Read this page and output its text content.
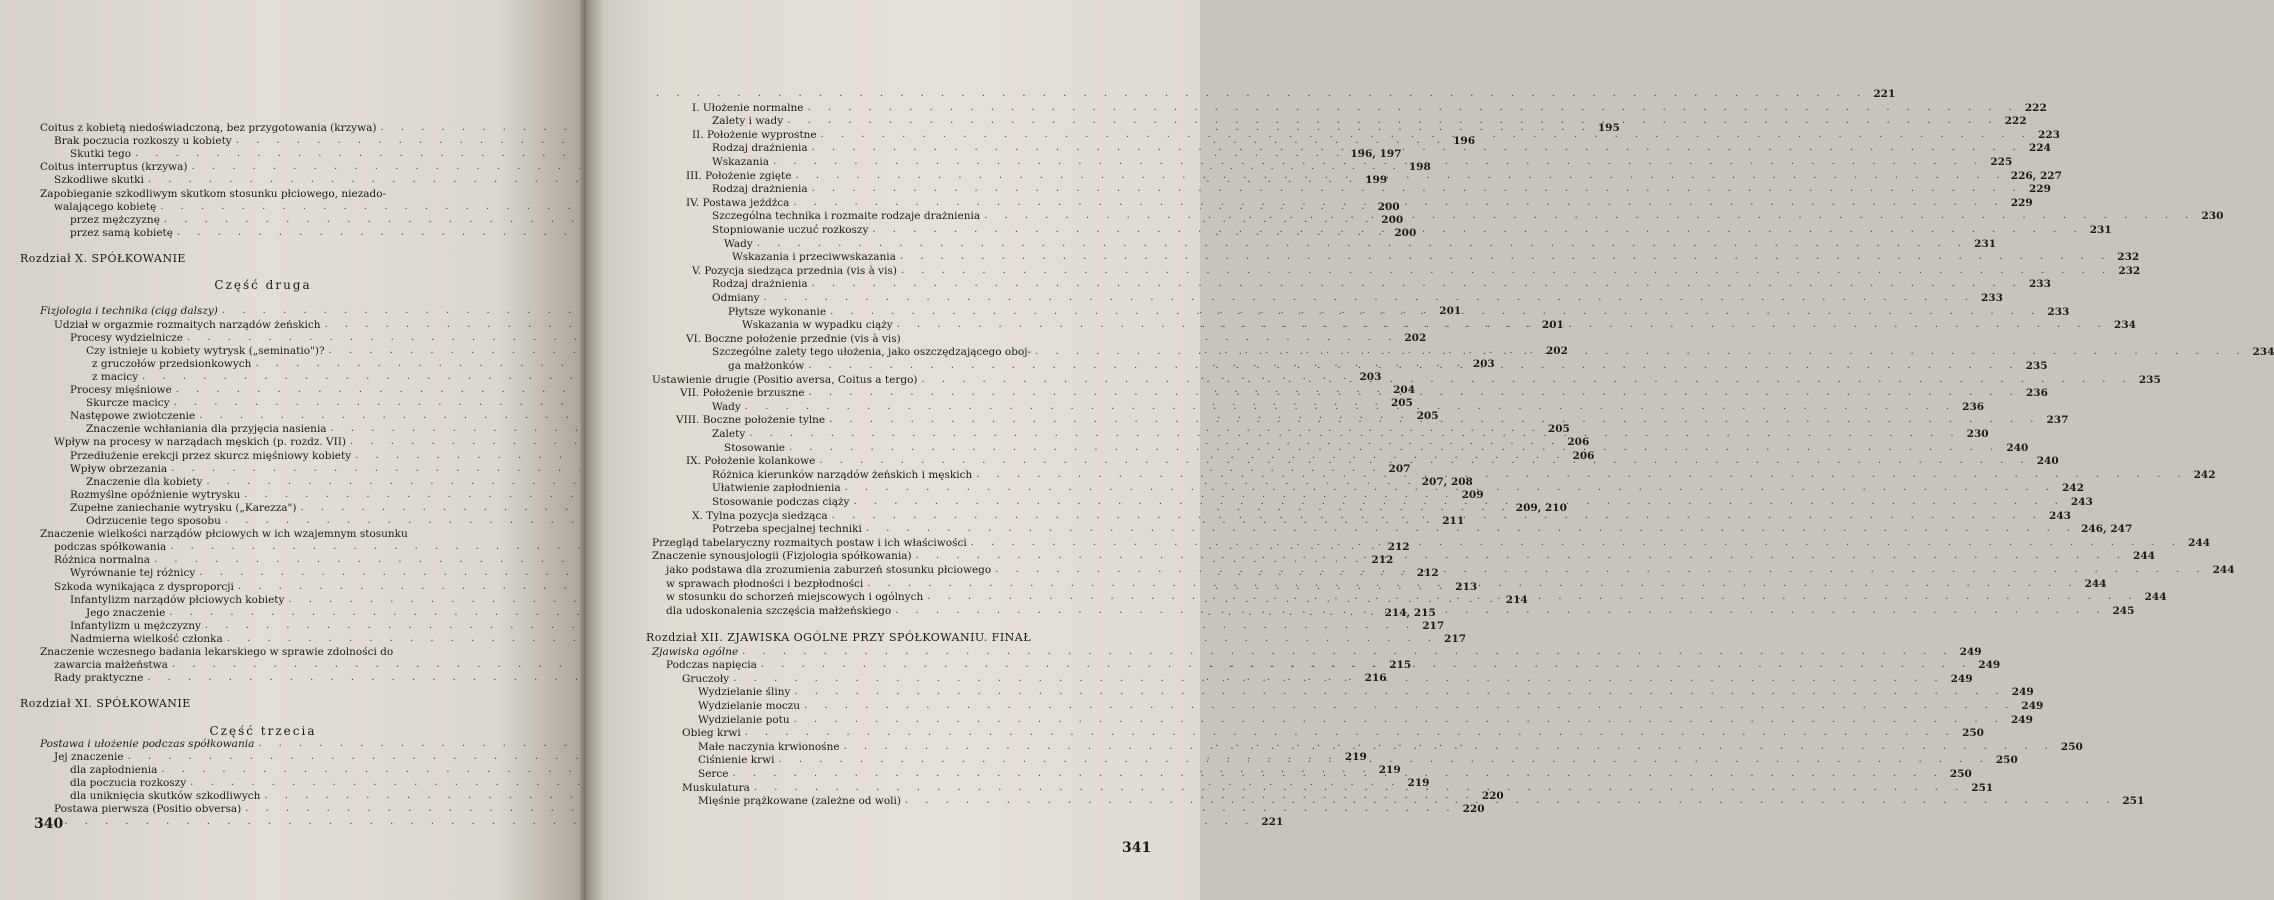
Coitus z kobietą niedoświadczoną, bez przygotowania (krzywa) . . .	195
Brak poczucia rozkoszy u kobiety . . .	196
Skutki tego . . .	196, 197
Coitus interruptus (krzywa) . . .	198
Szkodliwe skutki . . .	199
Zapobieganie szkodliwym skutkom stosunku płciowego, niezado-
walającego kobietę . . .	200
przez mężczyznę . . .	200
przez samą kobietę . . .	200
Rozdział X. SPÓŁKOWANIE
Część druga
Fizjologia i technika (ciąg dalszy) . . .	201
Udział w orgazmie rozmaitych narządów żeńskich . . .	201
Procesy wydzielnicze . . .	202
Czy istnieje u kobiety wytrysk („seminatio")? . . .	202
z gruczołów przedsionkowych . . .	203
z macicy . . .	203
Procesy mięśniowe . . .	204
Skurcze macicy . . .	205
Następowe zwiotczenie . . .	205
Znaczenie wchłaniania dla przyjęcia nasienia . . .	205
Wpływ na procesy w narządach męskich (p. rozdz. VII) . . .	206
Przedłużenie erekcji przez skurcz mięśniowy kobiety . . .	206
Wpływ obrzezania . . .	207
Znaczenie dla kobiety . . .	207, 208
Rozmyślne opóźnienie wytrysku . . .	209
Zupełne zaniechanie wytrysku („Karezza") . . .	209, 210
Odrzucenie tego sposobu . . .	211
Znaczenie wielkości narządów płciowych w ich wzajemnym stosunku
podczas spółkowania . . .	212
Różnica normalna . . .	212
Wyrównanie tej różnicy . . .	212
Szkoda wynikająca z dysproporcji . . .	213
Infantylizm narządów płciowych kobiety . . .	214
Jego znaczenie . . .	214, 215
Infantylizm u mężczyzny . . .	217
Nadmierna wielkość członka . . .	217
Znaczenie wczesnego badania lekarskiego w sprawie zdolności do
zawarcia małżeństwa . . .	215
Rady praktyczne . . .	216
Rozdział XI. SPÓŁKOWANIE
Część trzecia
Postawa i ułożenie podczas spółkowania
. . .
Jej znaczenie . . .	219
dla zapłodnienia . . .	219
dla poczucia rozkoszy . . .	219
dla uniknięcia skutków szkodliwych . . .	220
Postawa pierwsza (Positio obversa) . . .	220
. . .
221
340
. . .
221
I. Ułożenie normalne . . .	222
Zalety i wady . . .	222
II. Położenie wyprostne . . .	223
Rodzaj drażnienia . . .	224
Wskazania . . .	225
III. Położenie zgięte . . .	226, 227
Rodzaj drażnienia . . .	229
IV. Postawa jeźdźca . . .	229
Szczególna technika i rozmaite rodzaje drażnienia . . .	230
Stopniowanie uczuć rozkoszy . . .	231
Wady . . .	231
Wskazania i przeciwwskazania . . .	232
V. Pozycja siedząca przednia (vis à vis) . . .	232
Rodzaj drażnienia . . .	233
Odmiany . . .	233
Płytsze wykonanie . . .	233
Wskazania w wypadku ciąży . . .	234
VI. Boczne położenie przednie (vis à vis)
Szczególne zalety tego ułożenia, jako oszczędzającego oboj- . . .	234
ga małżonków . . .	235
Ustawienie drugie (Positio aversa, Coitus a tergo) . . .	235
VII. Położenie brzuszne . . .	236
Wady . . .	236
VIII. Boczne położenie tylne . . .	237
Zalety . . .	230
Stosowanie . . .	240
IX. Położenie kolankowe . . .	240
Różnica kierunków narządów żeńskich i męskich . . .	242
Ułatwienie zapłodnienia . . .	242
Stosowanie podczas ciąży . . .	243
X. Tylna pozycja siedząca . . .	243
Potrzeba specjalnej techniki . . .	246, 247
Przegląd tabelaryczny rozmaitych postaw i ich właściwości . . .	244
Znaczenie synousjologii (Fizjologia spółkowania) . . .	244
jako podstawa dla zrozumienia zaburzeń stosunku płciowego . . .	244
w sprawach płodności i bezpłodności . . .	244
w stosunku do schorzeń miejscowych i ogólnych . . .	244
dla udoskonalenia szczęścia małżeńskiego . . .	245
Rozdział XII. ZJAWISKA OGÓLNE PRZY SPÓŁKOWANIU. FINAŁ
Zjawiska ogólne . . .	249
Podczas napięcia . . .	249
Gruczoły . . .	249
Wydzielanie śliny . . .	249
Wydzielanie moczu . . .	249
Wydzielanie potu . . .	249
Obieg krwi . . .	250
Małe naczynia krwionośne . . .	250
Ciśnienie krwi . . .	250
Serce . . .	250
Muskulatura . . .	251
Mięśnie prążkowane (zależne od woli) . . .	251
341
